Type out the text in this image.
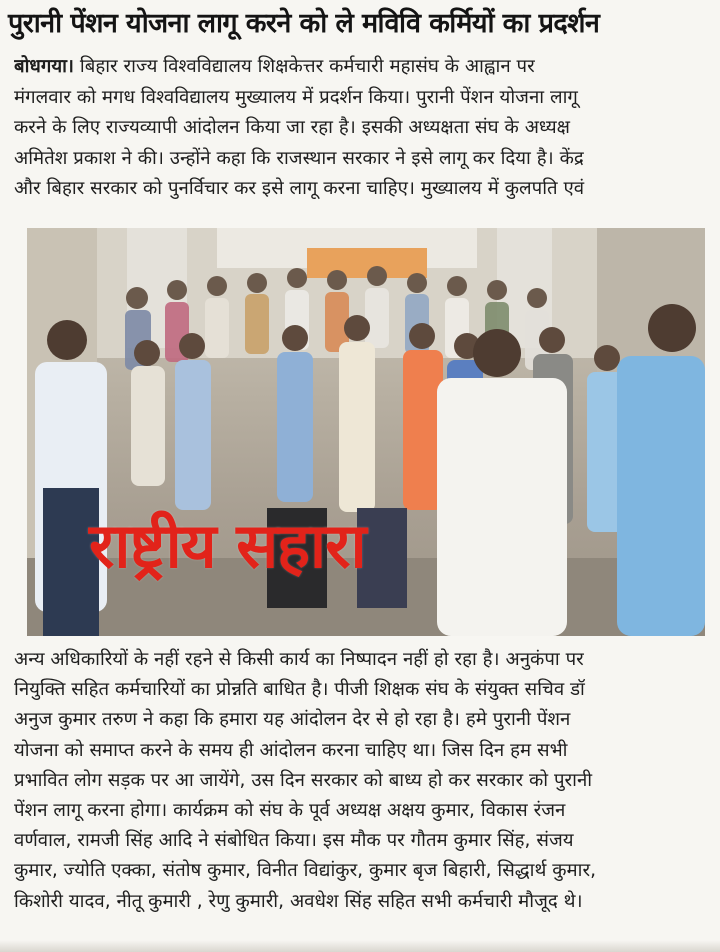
पुरानी पेंशन योजना लागू करने को ले मविवि कर्मियों का प्रदर्शन
बोधगया। बिहार राज्य विश्वविद्यालय शिक्षकेत्तर कर्मचारी महासंघ के आह्वान पर
मंगलवार को मगध विश्वविद्यालय मुख्यालय में प्रदर्शन किया। पुरानी पेंशन योजना लागू
करने के लिए राज्यव्यापी आंदोलन किया जा रहा है। इसकी अध्यक्षता संघ के अध्यक्ष
अमितेश प्रकाश ने की। उन्होंने कहा कि राजस्थान सरकार ने इसे लागू कर दिया है। केंद्र
और बिहार सरकार को पुनर्विचार कर इसे लागू करना चाहिए। मुख्यालय में कुलपति एवं
राष्ट्रीय सहारा
अन्य अधिकारियों के नहीं रहने से किसी कार्य का निष्पादन नहीं हो रहा है। अनुकंपा पर
नियुक्ति सहित कर्मचारियों का प्रोन्नति बाधित है। पीजी शिक्षक संघ के संयुक्त सचिव डॉ
अनुज कुमार तरुण ने कहा कि हमारा यह आंदोलन देर से हो रहा है। हमे पुरानी पेंशन
योजना को समाप्त करने के समय ही आंदोलन करना चाहिए था। जिस दिन हम सभी
प्रभावित लोग सड़क पर आ जायेंगे, उस दिन सरकार को बाध्य हो कर सरकार को पुरानी
पेंशन लागू करना होगा। कार्यक्रम को संघ के पूर्व अध्यक्ष अक्षय कुमार, विकास रंजन
वर्णवाल, रामजी सिंह आदि ने संबोधित किया। इस मौक पर गौतम कुमार सिंह, संजय
कुमार, ज्योति एक्का, संतोष कुमार, विनीत विद्यांकुर, कुमार बृज बिहारी, सिद्धार्थ कुमार,
किशोरी यादव, नीतू कुमारी , रेणु कुमारी, अवधेश सिंह सहित सभी कर्मचारी मौजूद थे।
